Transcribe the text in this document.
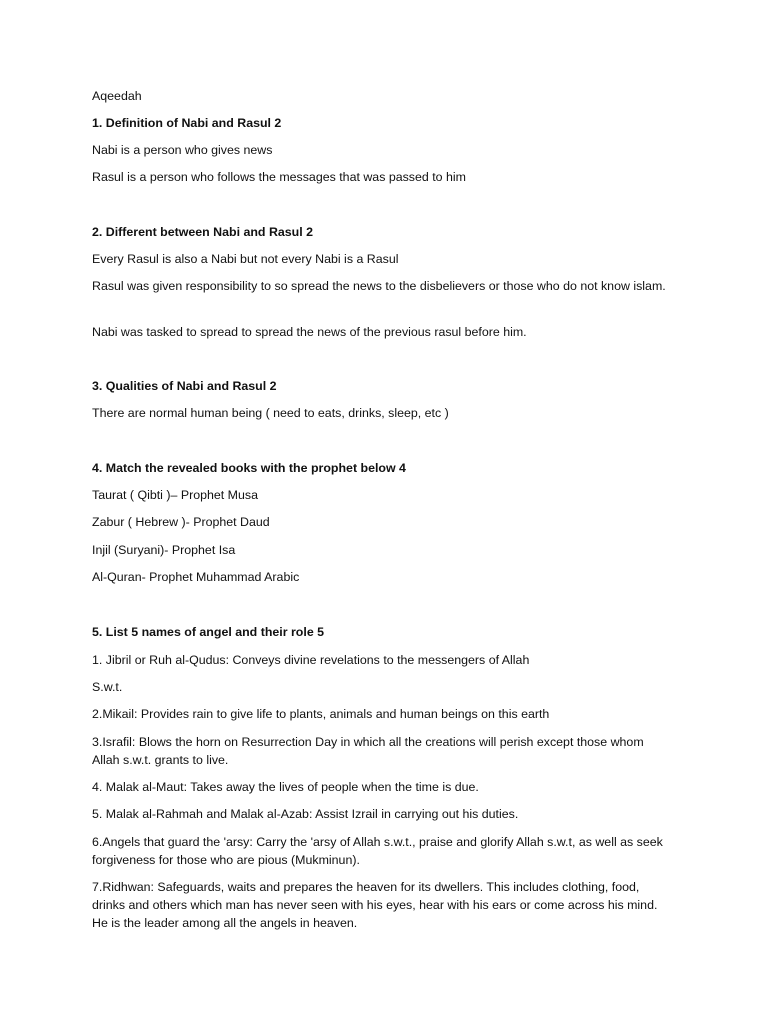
Aqeedah

1. Definition of Nabi and Rasul 2

Nabi is a person who gives news

Rasul is a person who follows the messages that was passed to him

2. Different between Nabi and Rasul 2

Every Rasul is also a Nabi but not every Nabi is a Rasul

Rasul was given responsibility to so spread the news to the disbelievers or those who do not know islam.

Nabi was tasked to spread to spread the news of the previous rasul before him.

3. Qualities of Nabi and Rasul 2

There are normal human being ( need to eats, drinks, sleep, etc )

4. Match the revealed books with the prophet below 4

Taurat ( Qibti )– Prophet Musa

Zabur ( Hebrew )- Prophet Daud

Injil (Suryani)- Prophet Isa

Al-Quran- Prophet Muhammad Arabic

5. List 5 names of angel and their role 5

1. Jibril or Ruh al-Qudus: Conveys divine revelations to the messengers of Allah

S.w.t.

2.Mikail: Provides rain to give life to plants, animals and human beings on this earth

3.Israfil: Blows the horn on Resurrection Day in which all the creations will perish except those whom Allah s.w.t. grants to live.

4. Malak al-Maut: Takes away the lives of people when the time is due.

5. Malak al-Rahmah and Malak al-Azab: Assist Izrail in carrying out his duties.

6.Angels that guard the 'arsy: Carry the 'arsy of Allah s.w.t., praise and glorify Allah s.w.t, as well as seek forgiveness for those who are pious (Mukminun).

7.Ridhwan: Safeguards, waits and prepares the heaven for its dwellers. This includes clothing, food, drinks and others which man has never seen with his eyes, hear with his ears or come across his mind. He is the leader among all the angels in heaven.
